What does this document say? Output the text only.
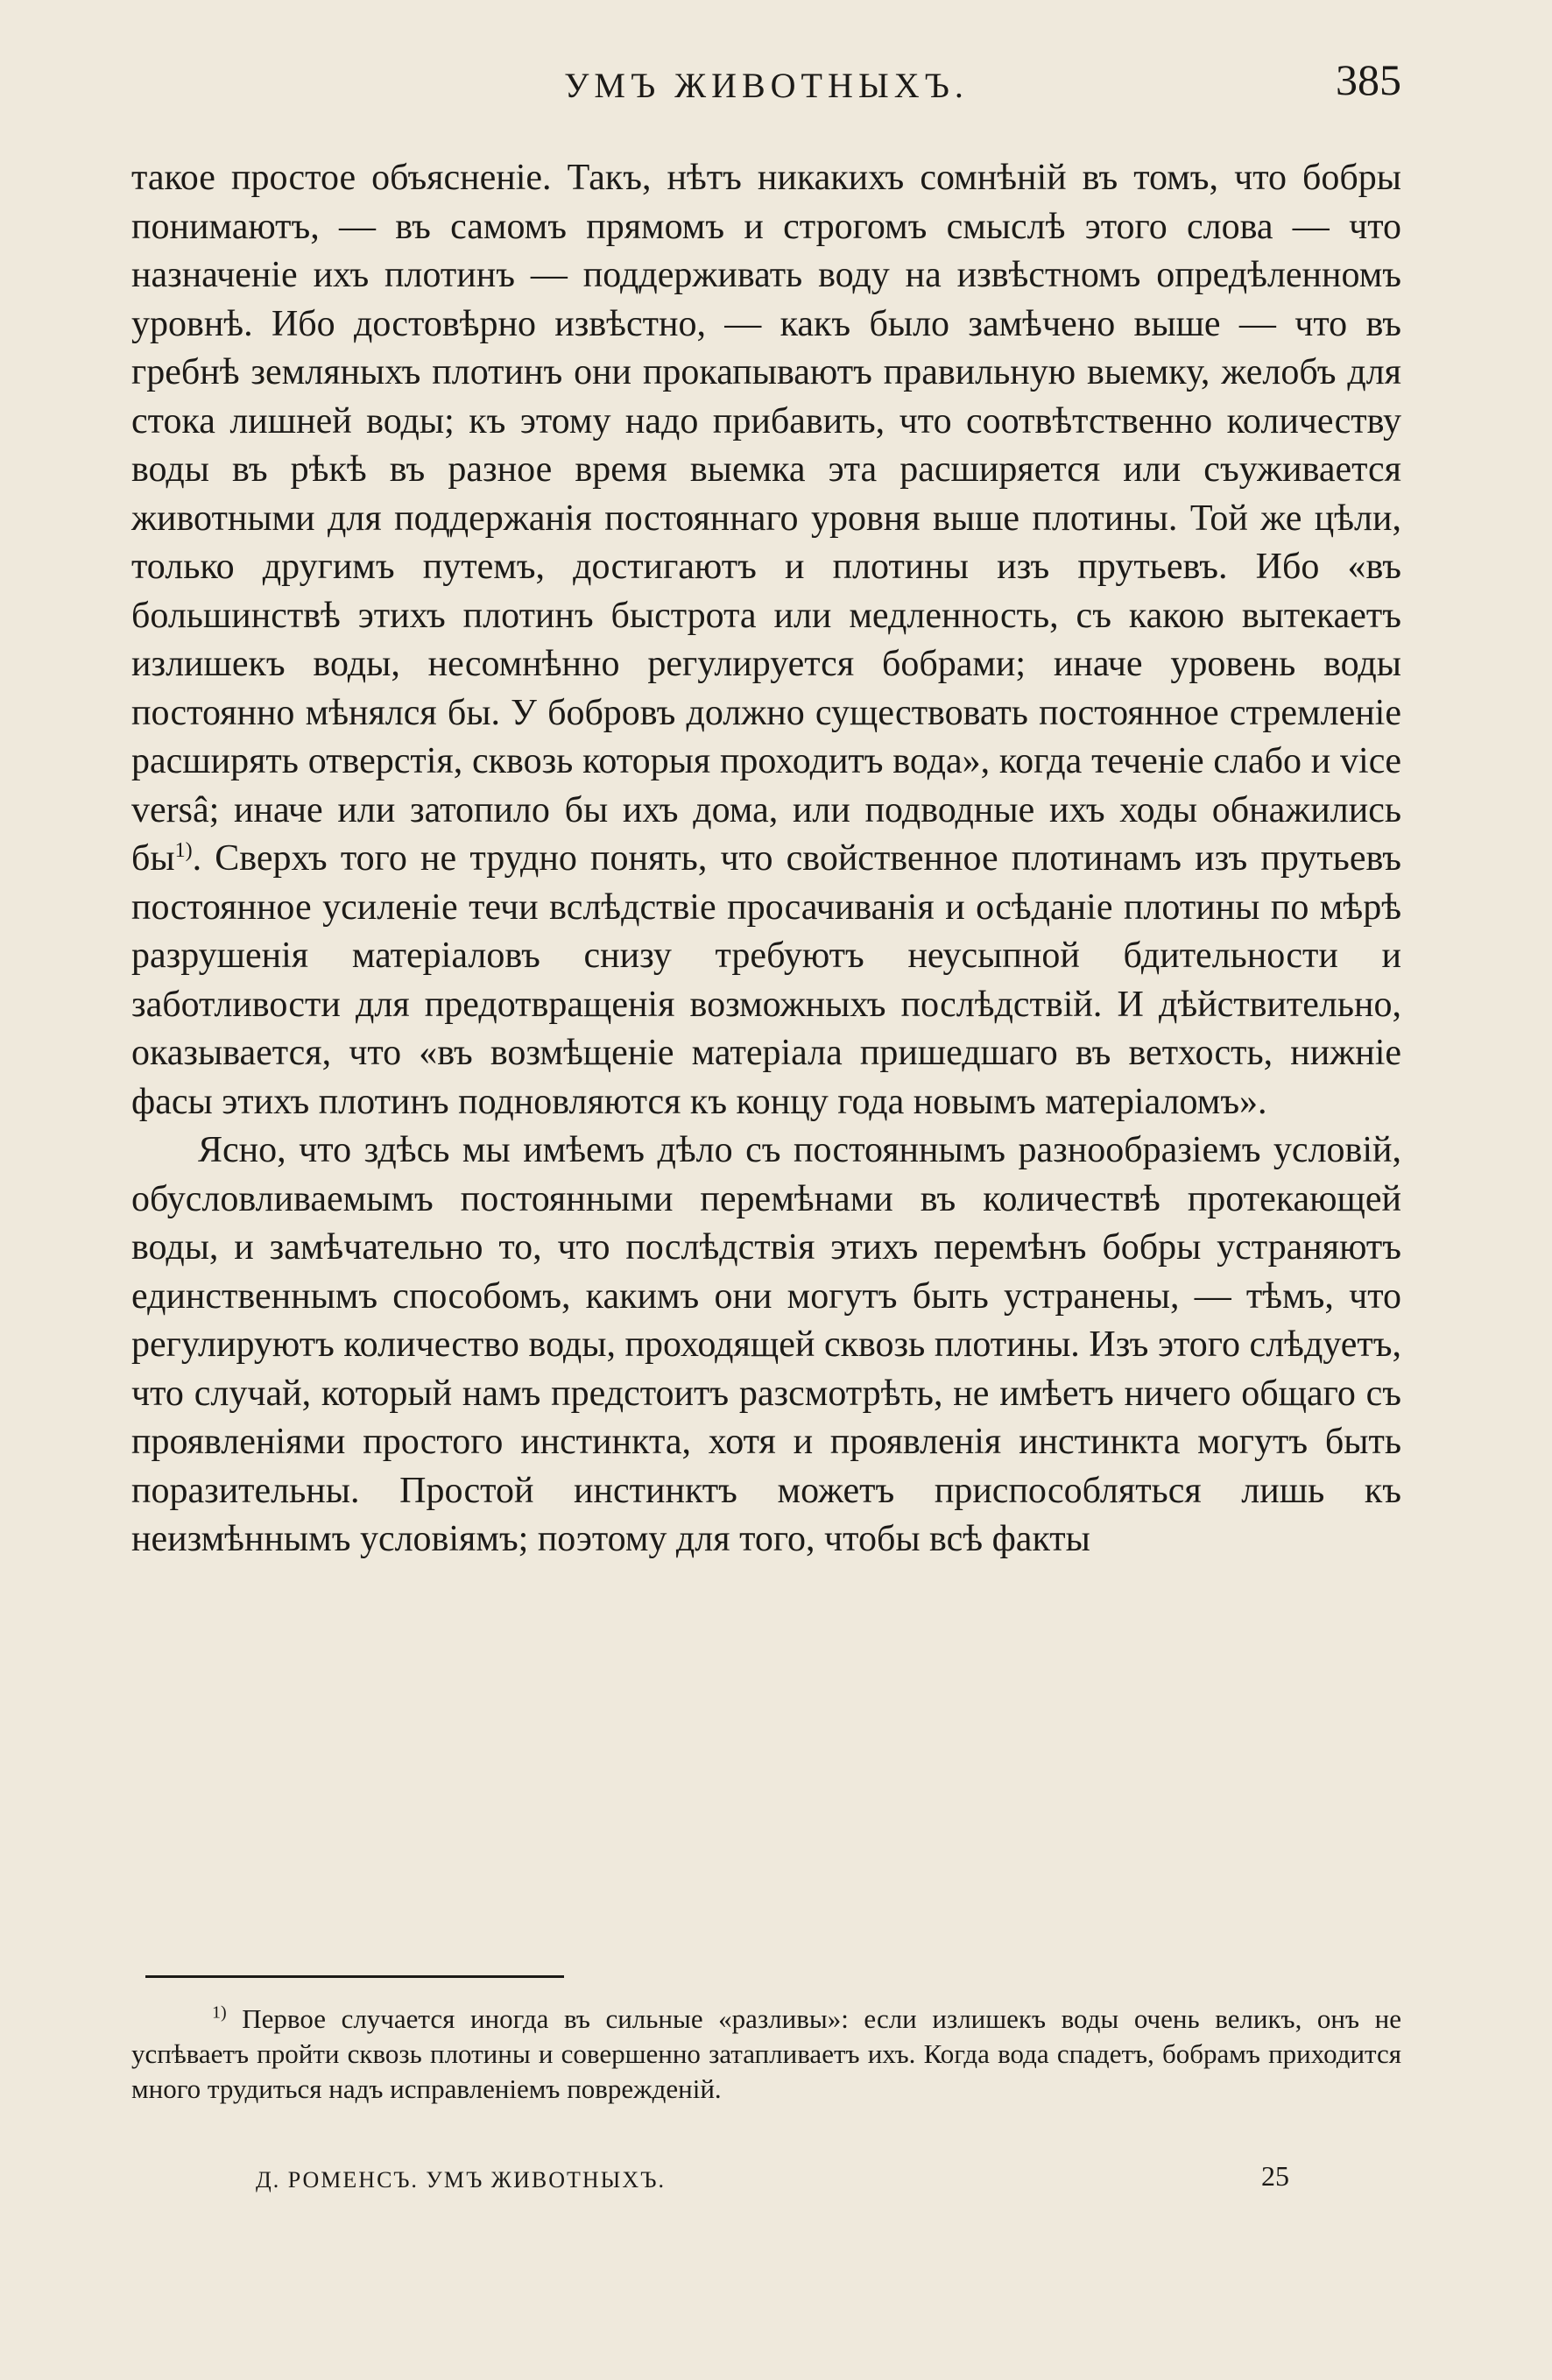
УМЪ ЖИВОТНЫХЪ.	385

такое простое объясненіе. Такъ, нѣтъ никакихъ сомнѣній въ томъ, что бобры понимаютъ, — въ самомъ прямомъ и строгомъ смыслѣ этого слова — что назначеніе ихъ плотинъ — поддерживать воду на извѣстномъ опредѣленномъ уровнѣ. Ибо достовѣрно извѣстно, — какъ было замѣчено выше — что въ гребнѣ земляныхъ плотинъ они прокапываютъ правильную выемку, желобъ для стока лишней воды; къ этому надо прибавить, что соотвѣтственно количеству воды въ рѣкѣ въ разное время выемка эта расширяется или съуживается животными для поддержанія постояннаго уровня выше плотины. Той же цѣли, только другимъ путемъ, достигаютъ и плотины изъ прутьевъ. Ибо «въ большинствѣ этихъ плотинъ быстрота или медленность, съ какою вытекаетъ излишекъ воды, несомнѣнно регулируется бобрами; иначе уровень воды постоянно мѣнялся бы. У бобровъ должно существовать постоянное стремленіе расширять отверстія, сквозь которыя проходитъ вода», когда теченіе слабо и vice versâ; иначе или затопило бы ихъ дома, или подводные ихъ ходы обнажились бы$^{1)}$. Сверхъ того не трудно понять, что свойственное плотинамъ изъ прутьевъ постоянное усиленіе течи вслѣдствіе просачиванія и осѣданіе плотины по мѣрѣ разрушенія матеріаловъ снизу требуютъ неусыпной бдительности и заботливости для предотвращенія возможныхъ послѣдствій. И дѣйствительно, оказывается, что «въ возмѣщеніе матеріала пришедшаго въ ветхость, нижніе фасы этихъ плотинъ подновляются къ концу года новымъ матеріаломъ».

Ясно, что здѣсь мы имѣемъ дѣло съ постояннымъ разнообразіемъ условій, обусловливаемымъ постоянными перемѣнами въ количествѣ протекающей воды, и замѣчательно то, что послѣдствія этихъ перемѣнъ бобры устраняютъ единственнымъ способомъ, какимъ они могутъ быть устранены, — тѣмъ, что регулируютъ количество воды, проходящей сквозь плотины. Изъ этого слѣдуетъ, что случай, который намъ предстоитъ разсмотрѣть, не имѣетъ ничего общаго съ проявленіями простого инстинкта, хотя и проявленія инстинкта могутъ быть поразительны. Простой инстинктъ можетъ приспособляться лишь къ неизмѣннымъ условіямъ; поэтому для того, чтобы всѣ факты

$^{1)}$ Первое случается иногда въ сильные «разливы»: если излишекъ воды очень великъ, онъ не успѣваетъ пройти сквозь плотины и совершенно затапливаетъ ихъ. Когда вода спадетъ, бобрамъ приходится много трудиться надъ исправленіемъ поврежденій.
Д. РОМЕНСЪ. УМЪ ЖИВОТНЫХЪ.	25
